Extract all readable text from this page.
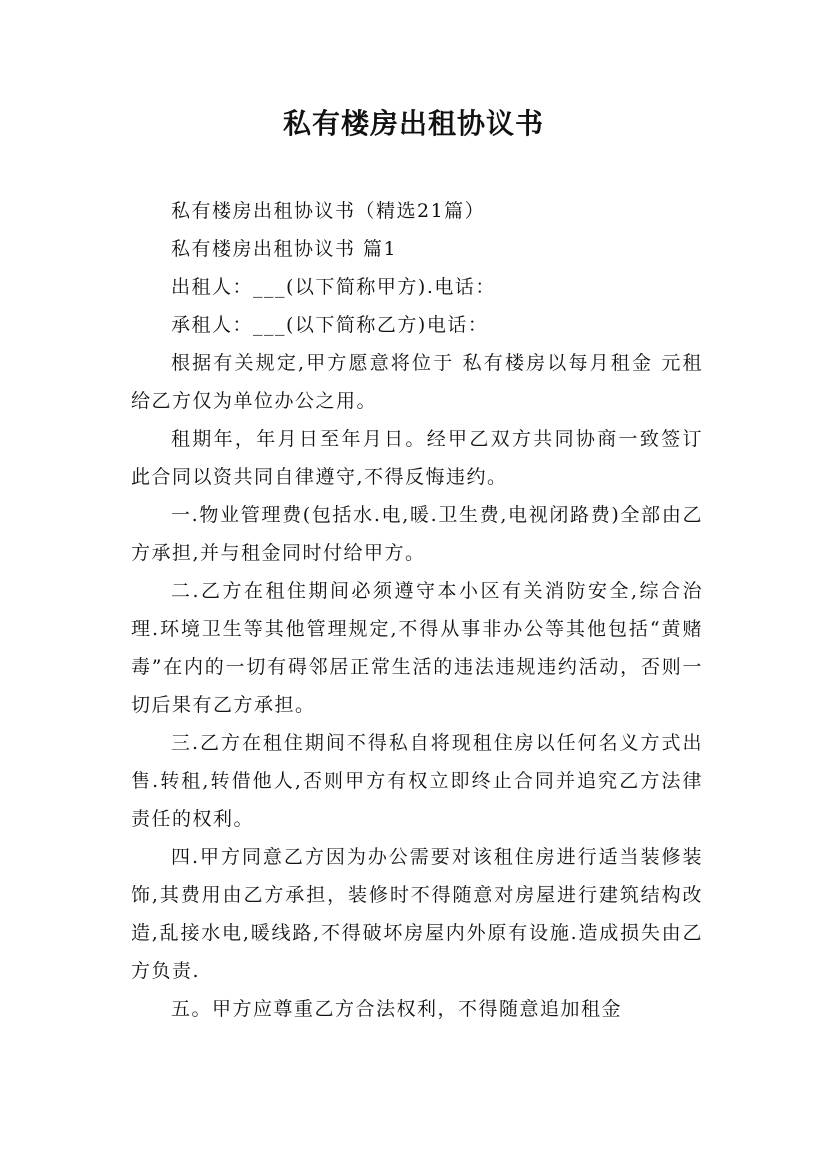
私有楼房出租协议书

私有楼房出租协议书（精选21篇）

私有楼房出租协议书 篇1

出租人：___(以下简称甲方).电话：

承租人：___(以下简称乙方)电话：

根据有关规定,甲方愿意将位于 私有楼房以每月租金 元租给乙方仅为单位办公之用。

租期年，年月日至年月日。经甲乙双方共同协商一致签订此合同以资共同自律遵守,不得反悔违约。

一.物业管理费(包括水.电,暖.卫生费,电视闭路费)全部由乙方承担,并与租金同时付给甲方。

二.乙方在租住期间必须遵守本小区有关消防安全,综合治理.环境卫生等其他管理规定,不得从事非办公等其他包括“黄赌毒”在内的一切有碍邻居正常生活的违法违规违约活动，否则一切后果有乙方承担。

三.乙方在租住期间不得私自将现租住房以任何名义方式出售.转租,转借他人,否则甲方有权立即终止合同并追究乙方法律责任的权利。

四.甲方同意乙方因为办公需要对该租住房进行适当装修装饰,其费用由乙方承担，装修时不得随意对房屋进行建筑结构改造,乱接水电,暖线路,不得破坏房屋内外原有设施.造成损失由乙方负责.

五。甲方应尊重乙方合法权利，不得随意追加租金
